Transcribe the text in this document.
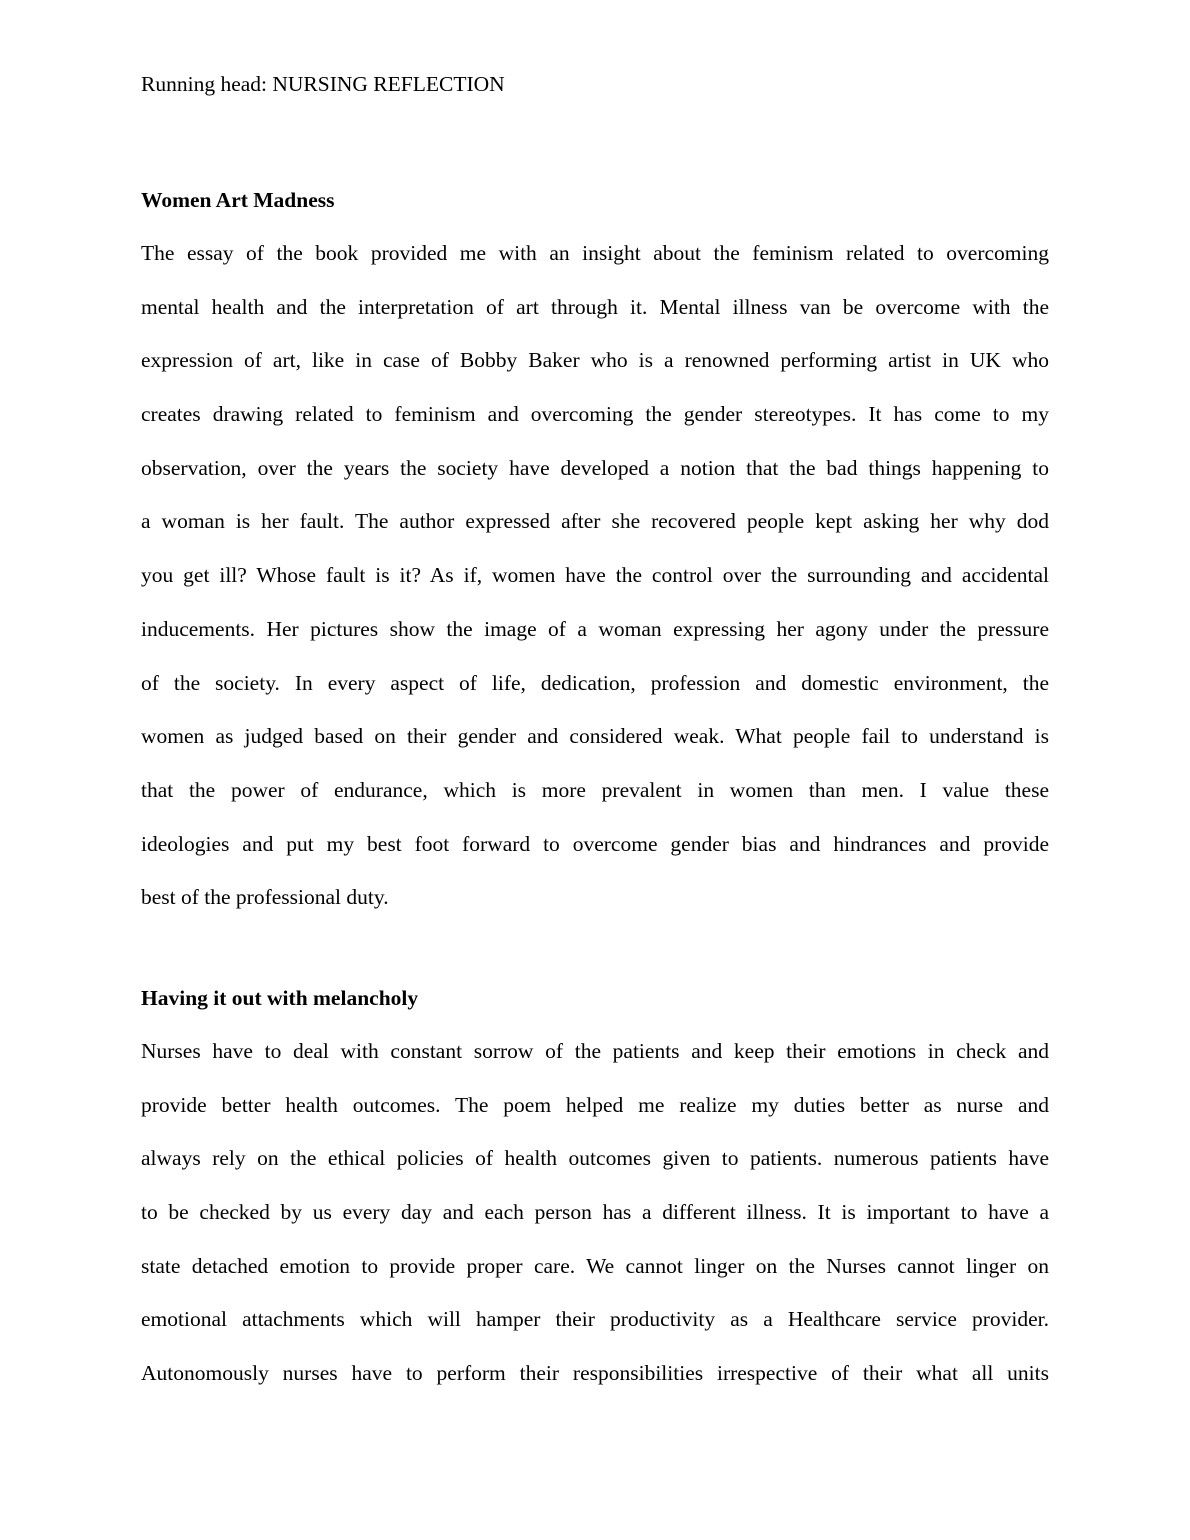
Running head: NURSING REFLECTION
Women Art Madness
The essay of the book provided me with an insight about the feminism related to overcoming
mental health and the interpretation of art through it. Mental illness van be overcome with the
expression of art, like in case of Bobby Baker who is a renowned performing artist in UK who
creates drawing related to feminism and overcoming the gender stereotypes. It has come to my
observation, over the years the society have developed a notion that the bad things happening to
a woman is her fault. The author expressed after she recovered people kept asking her why dod
you get ill? Whose fault is it? As if, women have the control over the surrounding and accidental
inducements. Her pictures show the image of a woman expressing her agony under the pressure
of the society. In every aspect of life, dedication, profession and domestic environment, the
women as judged based on their gender and considered weak. What people fail to understand is
that the power of endurance, which is more prevalent in women than men. I value these
ideologies and put my best foot forward to overcome gender bias and hindrances and provide
best of the professional duty.
Having it out with melancholy
Nurses have to deal with constant sorrow of the patients and keep their emotions in check and
provide better health outcomes. The poem helped me realize my duties better as nurse and
always rely on the ethical policies of health outcomes given to patients. numerous patients have
to be checked by us every day and each person has a different illness. It is important to have a
state detached emotion to provide proper care. We cannot linger on the Nurses cannot linger on
emotional attachments which will hamper their productivity as a Healthcare service provider.
Autonomously nurses have to perform their responsibilities irrespective of their what all units
